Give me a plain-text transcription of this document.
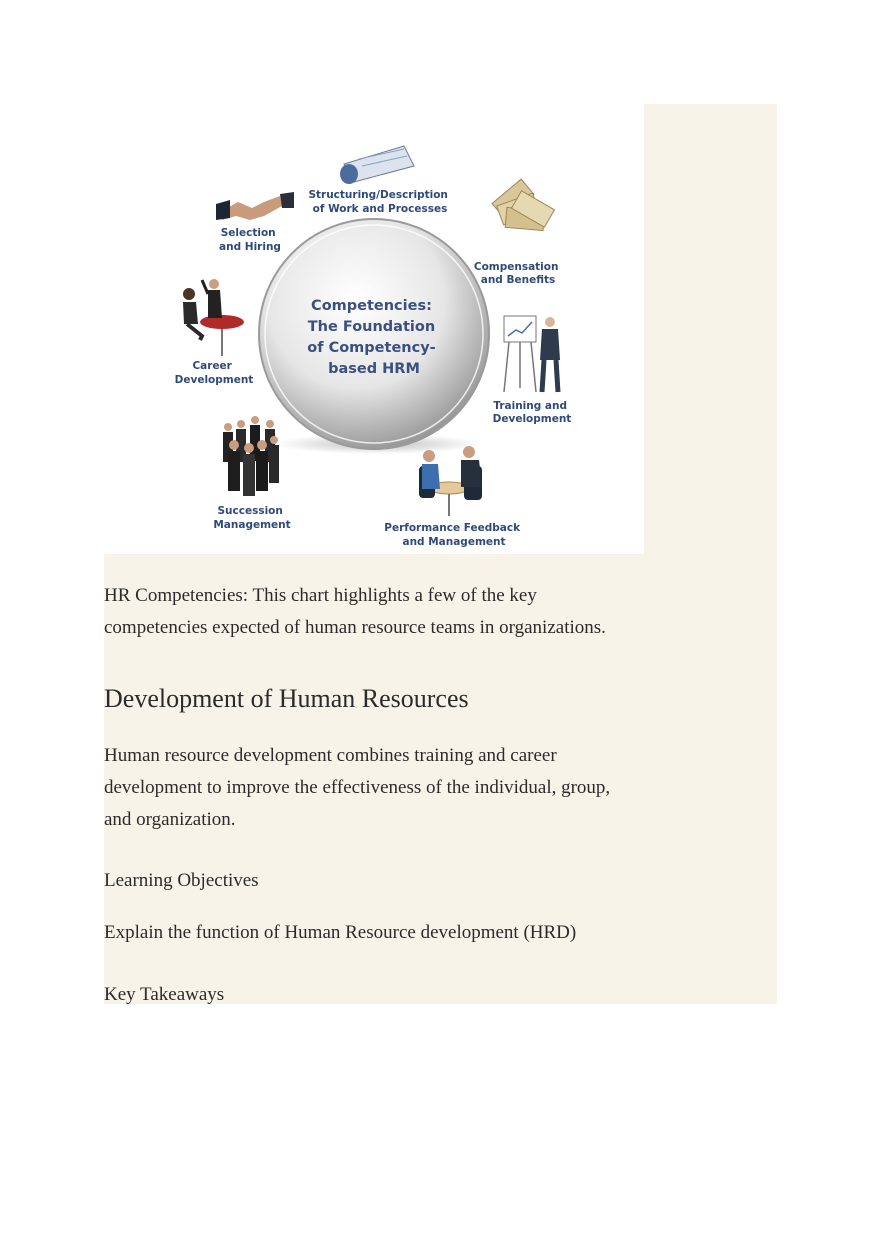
Competencies: The Foundation of Competency- based HRM
Structuring/Description of Work and Processes
Compensation and Benefits
Training and Development
Performance Feedback and Management
Succession Management
Career Development
Selection and Hiring
HR Competencies: This chart highlights a few of the key competencies expected of human resource teams in organizations.
Development of Human Resources
Human resource development combines training and career development to improve the effectiveness of the individual, group, and organization.
Learning Objectives
Explain the function of Human Resource development (HRD)
Key Takeaways
